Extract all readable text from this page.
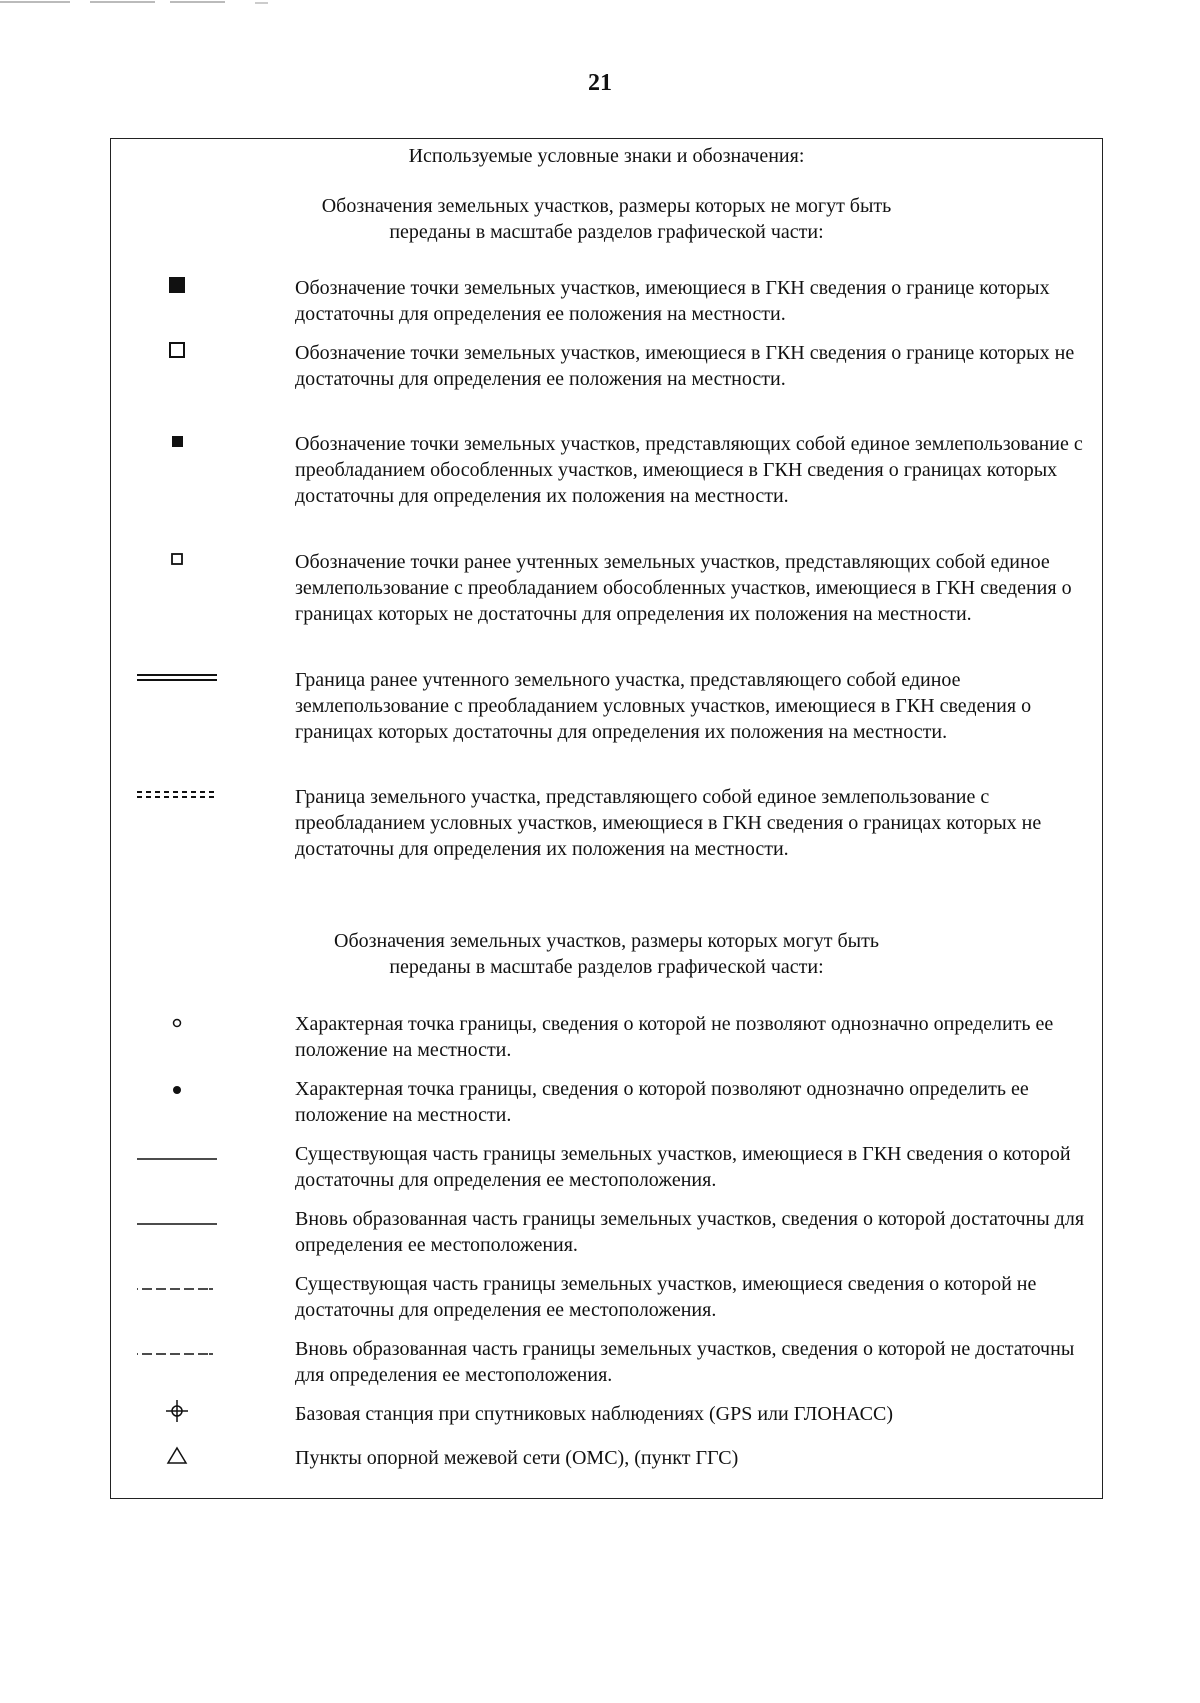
21
Используемые условные знаки и обозначения:
Обозначения земельных участков, размеры которых не могут быть
переданы в масштабе разделов графической части:
Обозначение точки земельных участков, имеющиеся в ГКН сведения о границе которых достаточны для определения ее положения на местности.
Обозначение точки земельных участков, имеющиеся в ГКН сведения о границе которых не достаточны для определения ее положения на местности.
Обозначение точки земельных участков, представляющих собой единое землепользование с преобладанием обособленных участков, имеющиеся в ГКН сведения о границах которых достаточны для определения их положения на местности.
Обозначение точки ранее учтенных земельных участков, представляющих собой единое землепользование с преобладанием обособленных участков, имеющиеся в ГКН сведения о границах которых не достаточны для определения их положения на местности.
Граница ранее учтенного земельного участка, представляющего собой единое землепользование с преобладанием условных участков, имеющиеся в ГКН сведения о границах которых достаточны для определения их положения на местности.
Граница земельного участка, представляющего собой единое землепользование с преобладанием условных участков, имеющиеся в ГКН сведения о границах которых не достаточны для определения их положения на местности.
Обозначения земельных участков, размеры которых могут быть
переданы в масштабе разделов графической части:
Характерная точка границы, сведения о которой не позволяют однозначно определить ее положение на местности.
Характерная точка границы, сведения о которой позволяют однозначно определить ее положение на местности.
Существующая часть границы земельных участков, имеющиеся в ГКН сведения о которой достаточны для определения ее местоположения.
Вновь образованная часть границы земельных участков, сведения о которой достаточны для определения ее местоположения.
Существующая часть границы земельных участков, имеющиеся сведения о которой не достаточны для определения ее местоположения.
Вновь образованная часть границы земельных участков, сведения о которой не достаточны для определения ее местоположения.
Базовая станция при спутниковых наблюдениях (GPS или ГЛОНАСС)
Пункты опорной межевой сети (ОМС), (пункт ГГС)
